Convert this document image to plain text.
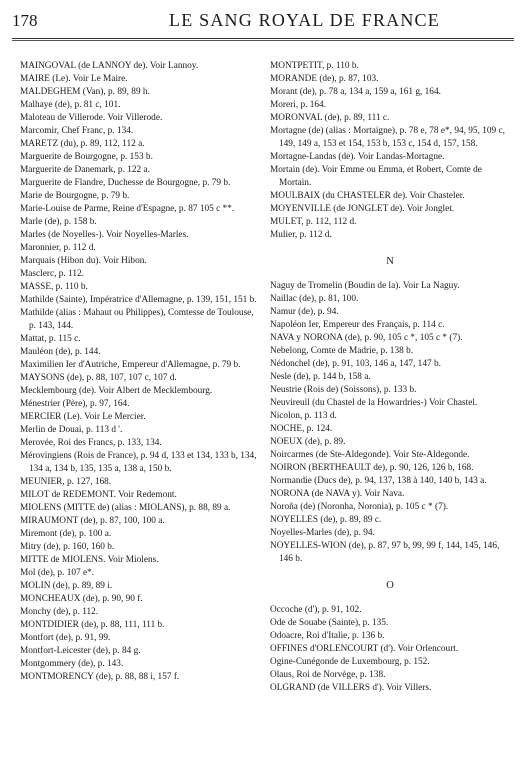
178	LE SANG ROYAL DE FRANCE

MAINGOVAL (de LANNOY de). Voir Lannoy.

MAIRE (Le). Voir Le Maire.

MALDEGHEM (Van), p. 89, 89 h.

Malhaye (de), p. 81 c, 101.

Maloteau de Villerode. Voir Villerode.

Marcomir, Chef Franc, p. 134.

MARETZ (du), p. 89, 112, 112 a.

Marguerite de Bourgogne, p. 153 b.

Marguerite de Danemark, p. 122 a.

Marguerite de Flandre, Duchesse de Bourgogne, p. 79 b.

Marie de Bourgogne, p. 79 b.

Marie-Louise de Parme, Reine d'Espagne, p. 87 105 c **.

Marle (de), p. 158 b.

Marles (de Noyelles-). Voir Noyelles-Marles.

Maronnier, p. 112 d.

Marquais (Hibon du). Voir Hibon.

Masclerc, p. 112.

MASSE, p. 110 b.

Mathilde (Sainte), Impératrice d'Allemagne, p. 139, 151, 151 b.

Mathilde (alias : Mahaut ou Philippes), Comtesse de Toulouse, p. 143, 144.

Mattat, p. 115 c.

Mauléon (de), p. 144.

Maximilien Ier d'Autriche, Empereur d'Allemagne, p. 79 b.

MAYSONS (de), p. 88, 107, 107 c, 107 d.

Mecklembourg (de). Voir Albert de Mecklembourg.

Ménestrier (Père), p. 97, 164.

MERCIER (Le). Voir Le Mercier.

Merlin de Douai, p. 113 d '.

Merovée, Roi des Francs, p. 133, 134.

Mérovingiens (Rois de France), p. 94 d, 133 et 134, 133 b, 134, 134 a, 134 b, 135, 135 a, 138 a, 150 b.

MEUNIER, p. 127, 168.

MILOT de REDEMONT. Voir Redemont.

MIOLENS (MITTE de) (alias : MIOLANS), p. 88, 89 a.

MIRAUMONT (de), p. 87, 100, 100 a.

Miremont (de), p. 100 a.

Mitry (de), p. 160, 160 b.

MITTE de MIOLENS. Voir Miolens.

Mol (de), p. 107 e*.

MOLIN (de), p. 89, 89 i.

MONCHEAUX (de), p. 90, 90 f.

Monchy (de), p. 112.

MONTDIDIER (de), p. 88, 111, 111 b.

Montfort (de), p. 91, 99.

Montfort-Leicester (de), p. 84 g.

Montgommery (de), p. 143.

MONTMORENCY (de), p. 88, 88 i, 157 f.

MONTPETIT, p. 110 b.

MORANDE (de), p. 87, 103.

Morant (de), p. 78 a, 134 a, 159 a, 161 g, 164.

Moreri, p. 164.

MORONVAL (de), p. 89, 111 c.

Mortagne (de) (alias : Mortaigne), p. 78 e, 78 e*, 94, 95, 109 c, 149, 149 a, 153 et 154, 153 b, 153 c, 154 d, 157, 158.

Mortagne-Landas (de). Voir Landas-Mortagne.

Mortain (de). Voir Emme ou Emma, et Robert, Comte de Mortain.

MOULBAIX (du CHASTELER de). Voir Chasteler.

MOYENVILLE (de JONGLET de). Voir Jonglet.

MULET, p. 112, 112 d.

Mulier, p. 112 d.

N

Naguy de Tromelin (Boudin de la). Voir La Naguy.

Naillac (de), p. 81, 100.

Namur (de), p. 94.

Napoléon Ier, Empereur des Français, p. 114 c.

NAVA y NORONA (de), p. 90, 105 c *, 105 c * (7).

Nebelong, Comte de Madrie, p. 138 b.

Nédonchel (de), p. 91, 103, 146 a, 147, 147 b.

Nesle (de), p. 144 b, 158 a.

Neustrie (Rois de) (Soissons), p. 133 b.

Neuvireuil (du Chastel de la Howardries-) Voir Chastel.

Nicolon, p. 113 d.

NOCHE, p. 124.

NOEUX (de), p. 89.

Noircarmes (de Ste-Aldegonde). Voir Ste-Aldegonde.

NOIRON (BERTHEAULT de), p. 90, 126, 126 b, 168.

Normandie (Ducs de), p. 94, 137, 138 à 140, 140 b, 143 a.

NORONA (de NAVA y). Voir Nava.

Noroña (de) (Noronha, Noronia), p. 105 c * (7).

NOYELLES (de), p. 89, 89 c.

Noyelles-Marles (de), p. 94.

NOYELLES-WION (de), p. 87, 97 b, 99, 99 f, 144, 145, 146, 146 b.

O

Occoche (d'), p. 91, 102.

Ode de Souabe (Sainte), p. 135.

Odoacre, Roi d'Italie, p. 136 b.

OFFINES d'ORLENCOURT (d'). Voir Orlencourt.

Ogine-Cunégonde de Luxembourg, p. 152.

Olaus, Roi de Norvège, p. 138.

OLGRAND (de VILLERS d'). Voir Villers.
